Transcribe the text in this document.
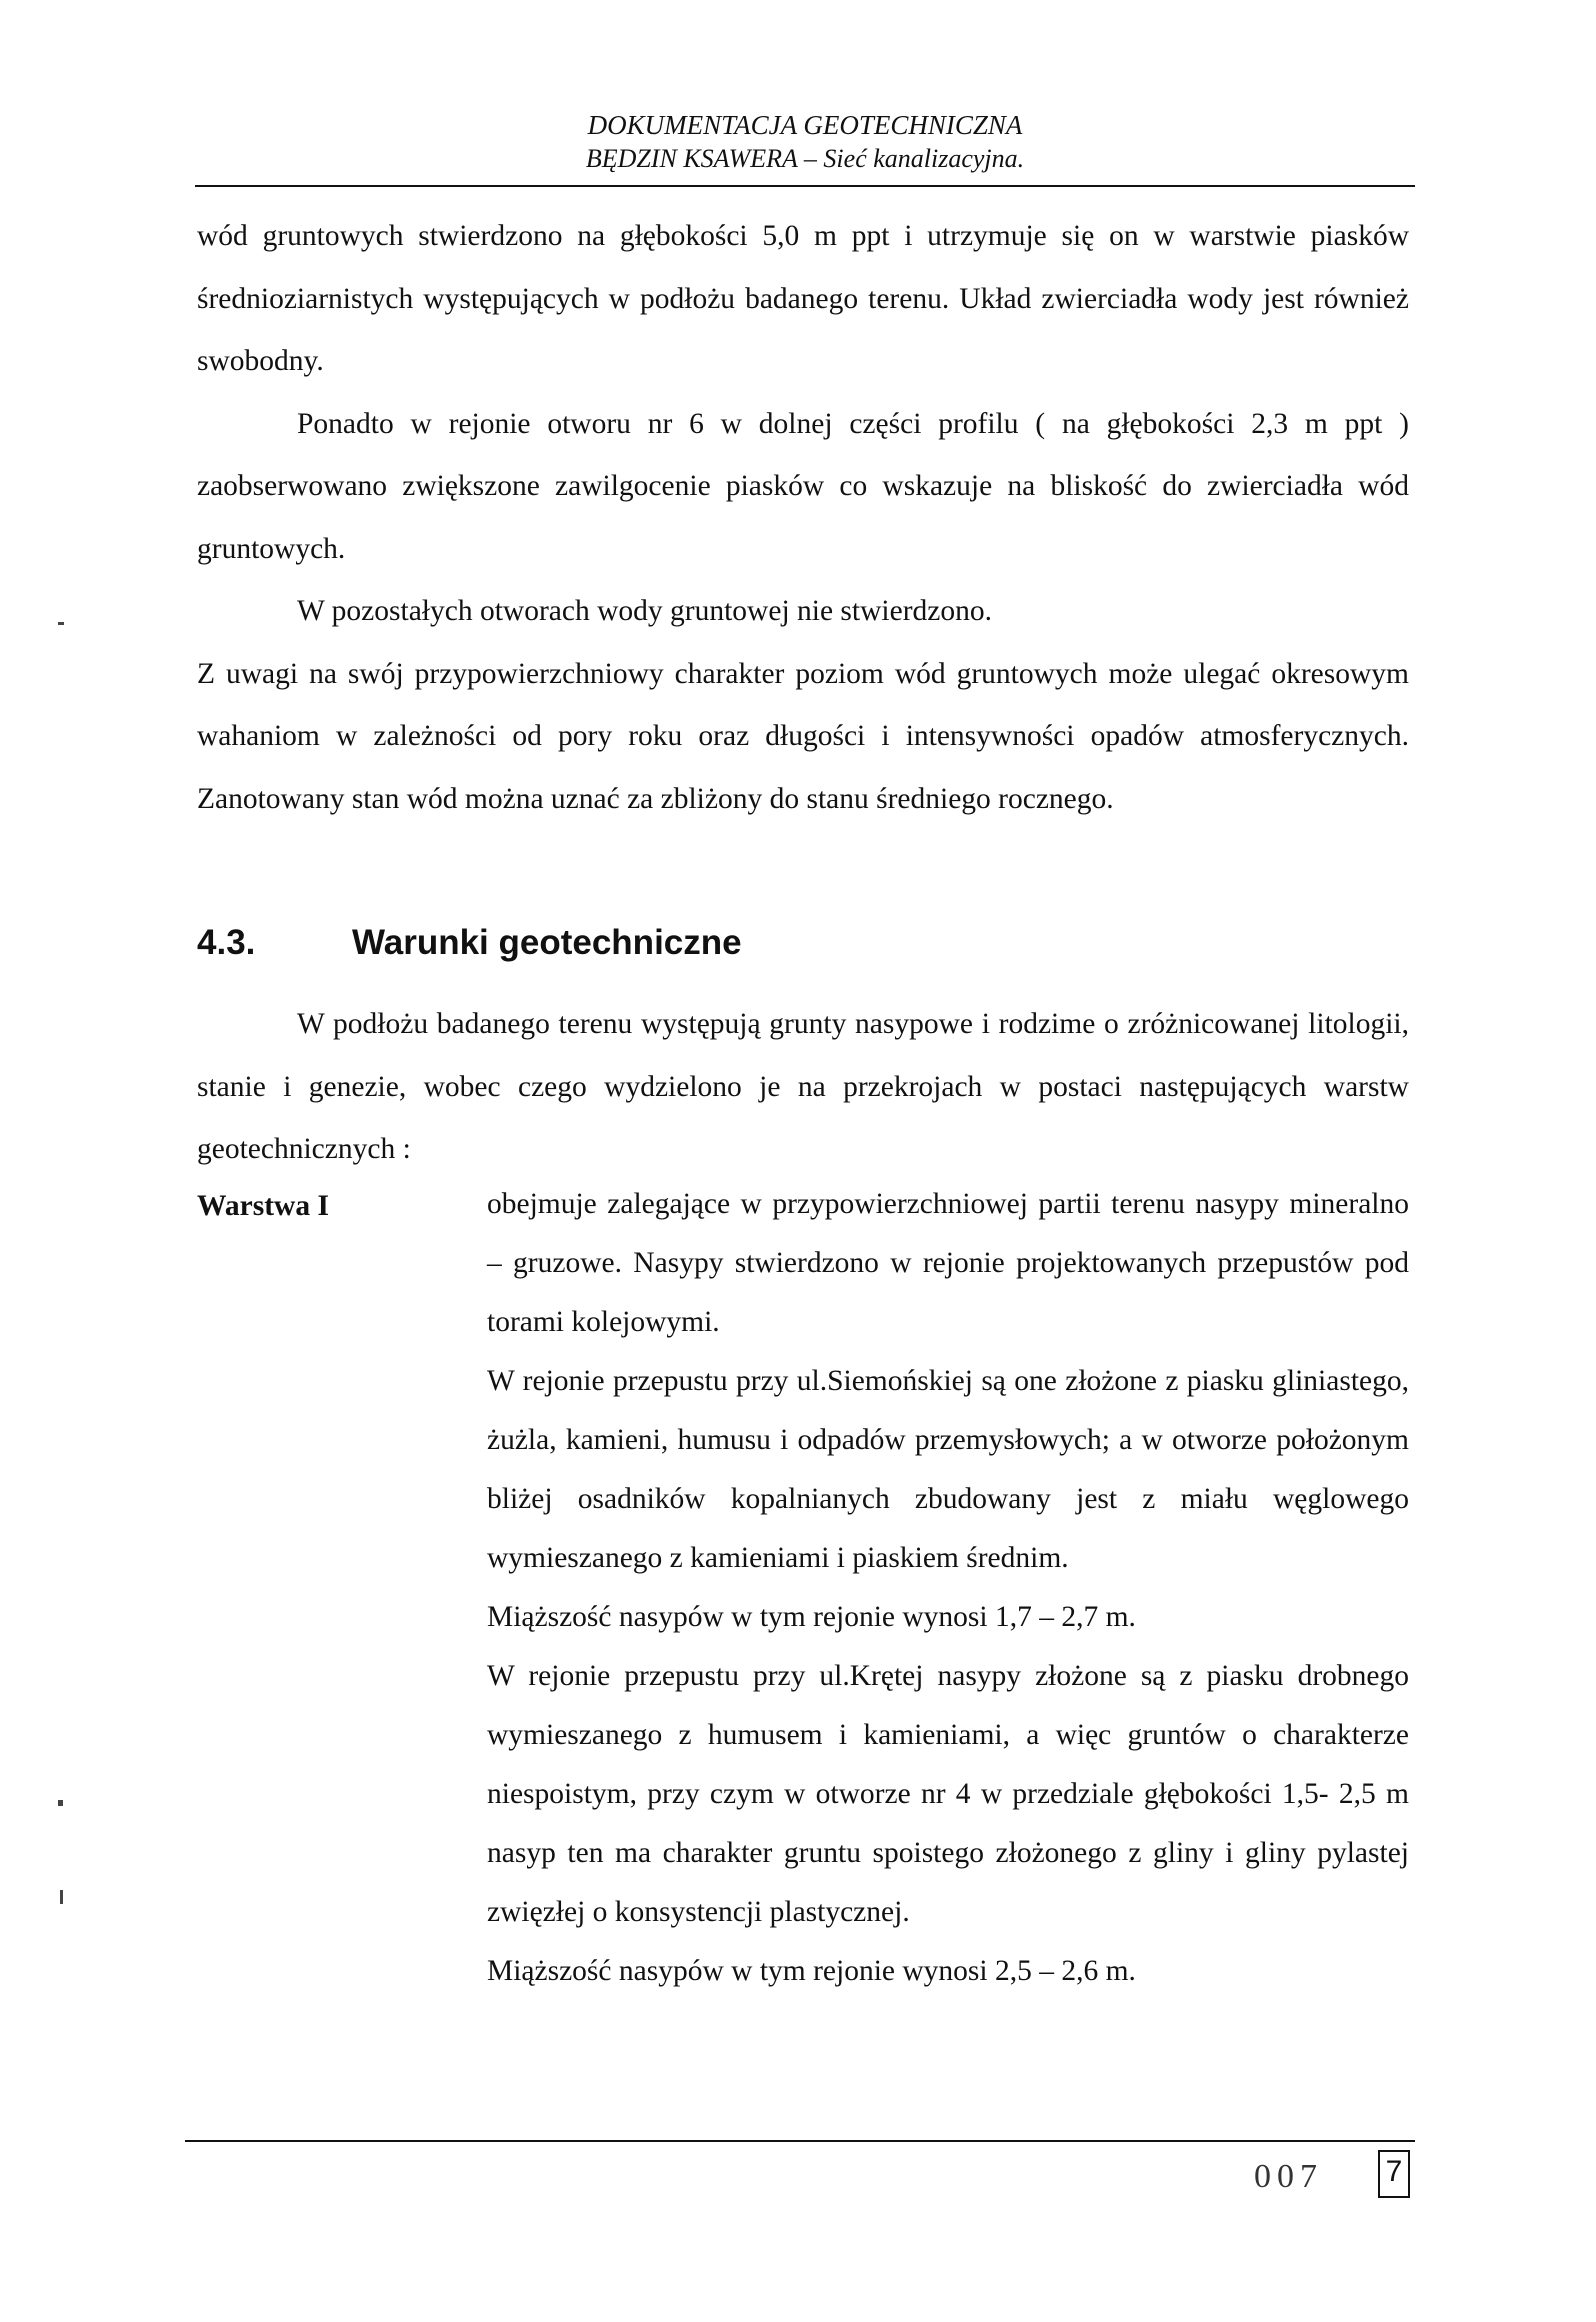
DOKUMENTACJA GEOTECHNICZNA
BĘDZIN KSAWERA – Sieć kanalizacyjna.

wód gruntowych stwierdzono na głębokości 5,0 m ppt i utrzymuje się on w warstwie piasków średnioziarnistych występujących w podłożu badanego terenu. Układ zwierciadła wody jest również swobodny.

Ponadto w rejonie otworu nr 6 w dolnej części profilu ( na głębokości 2,3 m ppt ) zaobserwowano zwiększone zawilgocenie piasków co wskazuje na bliskość do zwierciadła wód gruntowych.

W pozostałych otworach wody gruntowej nie stwierdzono.

Z uwagi na swój przypowierzchniowy charakter poziom wód gruntowych może ulegać okresowym wahaniom w zależności od pory roku oraz długości i intensywności opadów atmosferycznych. Zanotowany stan wód można uznać za zbliżony do stanu średniego rocznego.

4.3.	Warunki geotechniczne

W podłożu badanego terenu występują grunty nasypowe i rodzime o zróżnicowanej litologii, stanie i genezie, wobec czego wydzielono je na przekrojach w postaci następujących warstw geotechnicznych :

Warstwa I	obejmuje zalegające w przypowierzchniowej partii terenu nasypy mineralno – gruzowe. Nasypy stwierdzono w rejonie projektowanych przepustów pod torami kolejowymi.

W rejonie przepustu przy ul.Siemońskiej są one złożone z piasku gliniastego, żużla, kamieni, humusu i odpadów przemysłowych; a w otworze położonym bliżej osadników kopalnianych zbudowany jest z miału węglowego wymieszanego z kamieniami i piaskiem średnim.

Miąższość nasypów w tym rejonie wynosi 1,7 – 2,7 m.

W rejonie przepustu przy ul.Krętej nasypy złożone są z piasku drobnego wymieszanego z humusem i kamieniami, a więc gruntów o charakterze niespoistym, przy czym w otworze nr 4 w przedziale głębokości 1,5- 2,5 m nasyp ten ma charakter gruntu spoistego złożonego z gliny i gliny pylastej zwięzłej o konsystencji plastycznej.

Miąższość nasypów w tym rejonie wynosi 2,5 – 2,6 m.

007 7
